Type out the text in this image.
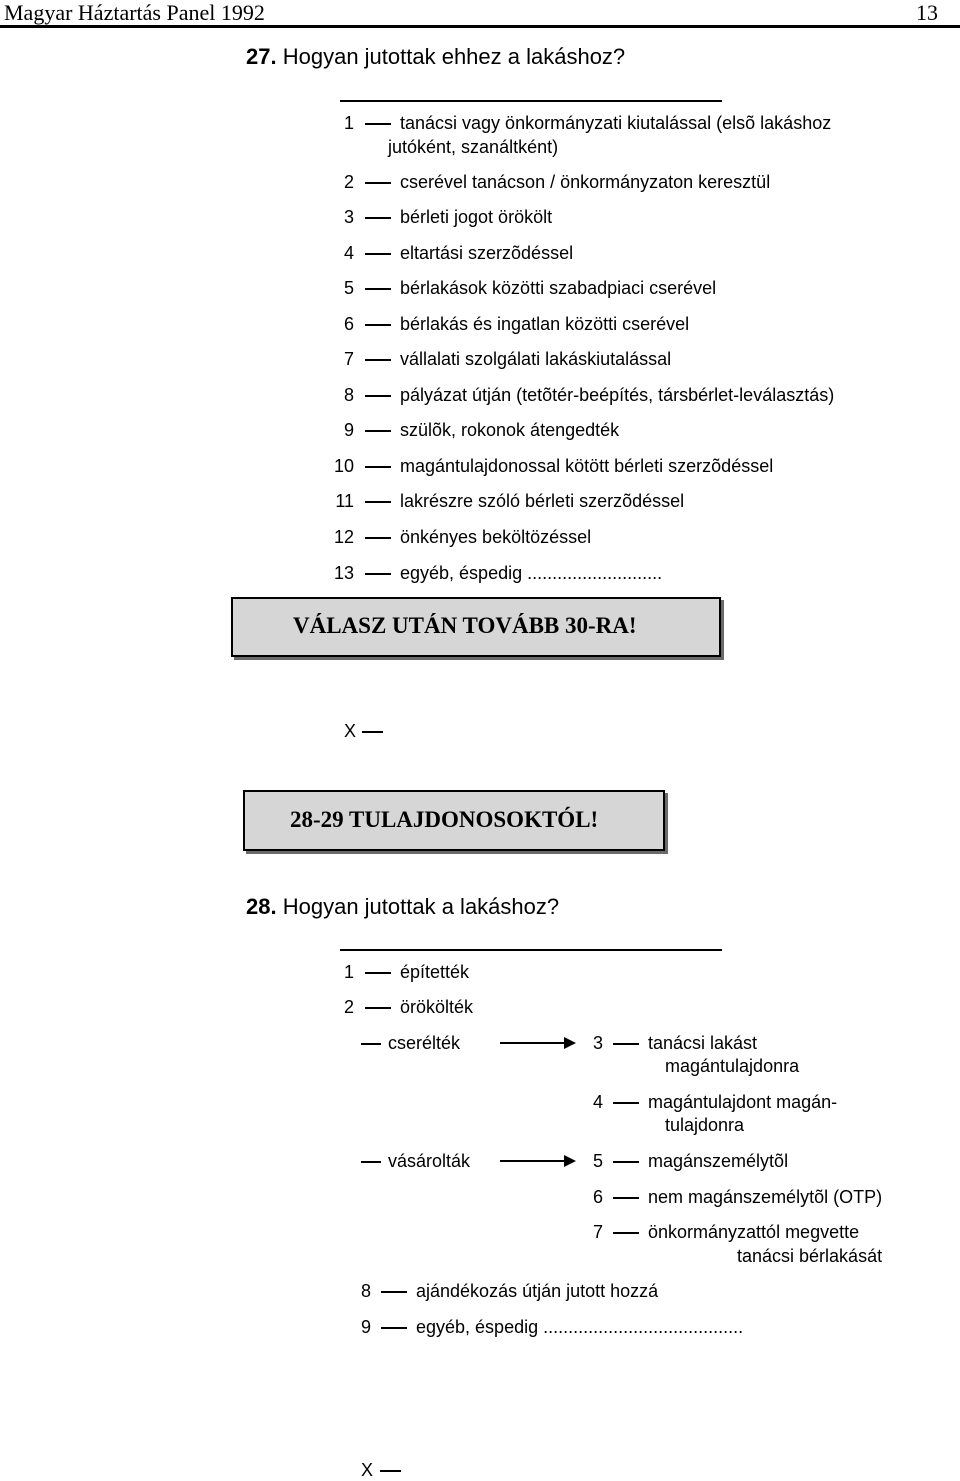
Magyar Háztartás Panel 1992	13
27. Hogyan jutottak ehhez a lakáshoz?
1	tanácsi vagy önkormányzati kiutalással (elsõ lakáshoz
jutóként, szanáltként)
2	cserével tanácson / önkormányzaton keresztül
3	bérleti jogot örökölt
4	eltartási szerzõdéssel
5	bérlakások közötti szabadpiaci cserével
6	bérlakás és ingatlan közötti cserével
7	vállalati szolgálati lakáskiutalással
8	pályázat útján (tetõtér-beépítés, társbérlet-leválasztás)
9	szülõk, rokonok átengedték
10	magántulajdonossal kötött bérleti szerzõdéssel
11	lakrészre szóló bérleti szerzõdéssel
12	önkényes beköltözéssel
13	egyéb, éspedig ...........................
VÁLASZ UTÁN TOVÁBB 30-RA!
X
28-29 TULAJDONOSOKTÓL!
28. Hogyan jutottak a lakáshoz?
1	építették
2	örökölték
cserélték	3 tanácsi lakást
magántulajdonra
4 magántulajdont magán-
tulajdonra
vásárolták	5 magánszemélytõl
6 nem magánszemélytõl (OTP)
7 önkormányzattól megvette
tanácsi bérlakását
8 ajándékozás útján jutott hozzá
9 egyéb, éspedig ........................................
X
